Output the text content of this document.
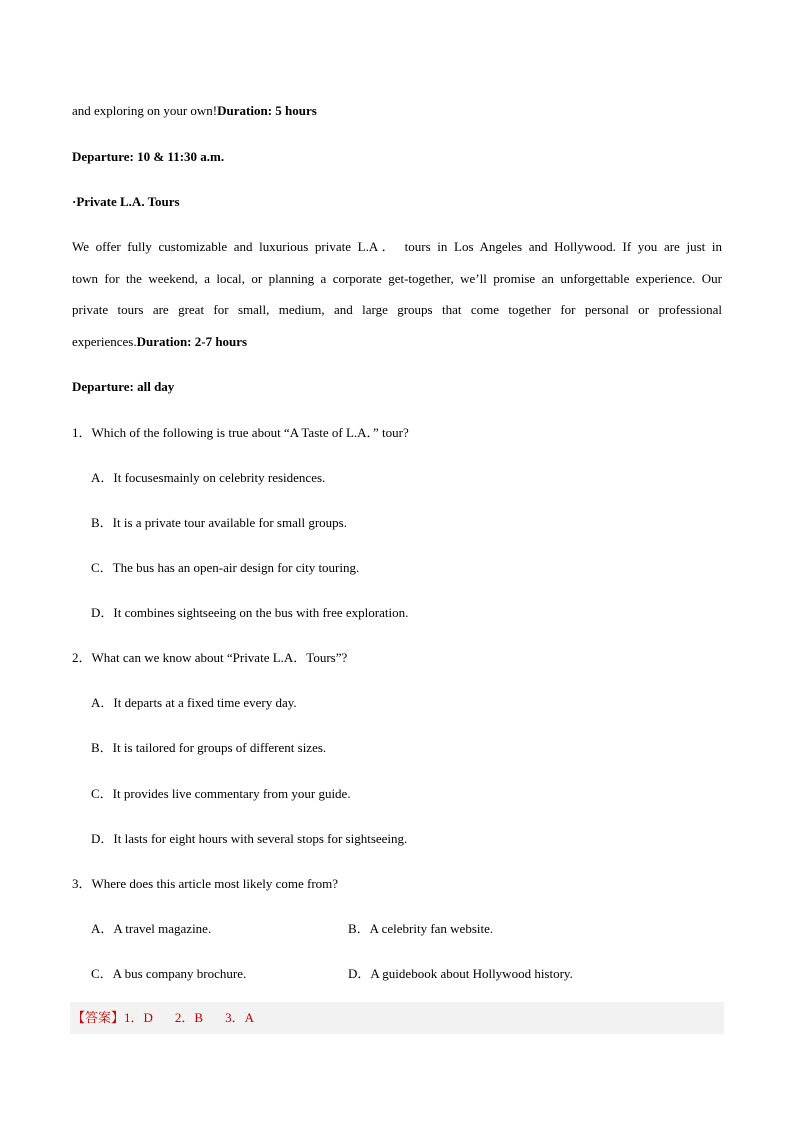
and exploring on your own!Duration: 5 hours
Departure: 10 & 11:30 a.m.
·Private L.A. Tours
We offer fully customizable and luxurious private L.A． tours in Los Angeles and Hollywood. If you are just in
town for the weekend, a local, or planning a corporate get-together, we’ll promise an unforgettable experience. Our
private tours are great for small, medium, and large groups that come together for personal or professional
experiences.Duration: 2-7 hours
Departure: all day
1．Which of the following is true about “A Taste of L.A．” tour?
A．It focusesmainly on celebrity residences.
B．It is a private tour available for small groups.
C．The bus has an open-air design for city touring.
D．It combines sightseeing on the bus with free exploration.
2．What can we know about “Private L.A．Tours”?
A．It departs at a fixed time every day.
B．It is tailored for groups of different sizes.
C．It provides live commentary from your guide.
D．It lasts for eight hours with several stops for sightseeing.
3．Where does this article most likely come from?
A．A travel magazine.	B．A celebrity fan website.
C．A bus company brochure.	D．A guidebook about Hollywood history.
【答案】1．D 2．B 3．A
